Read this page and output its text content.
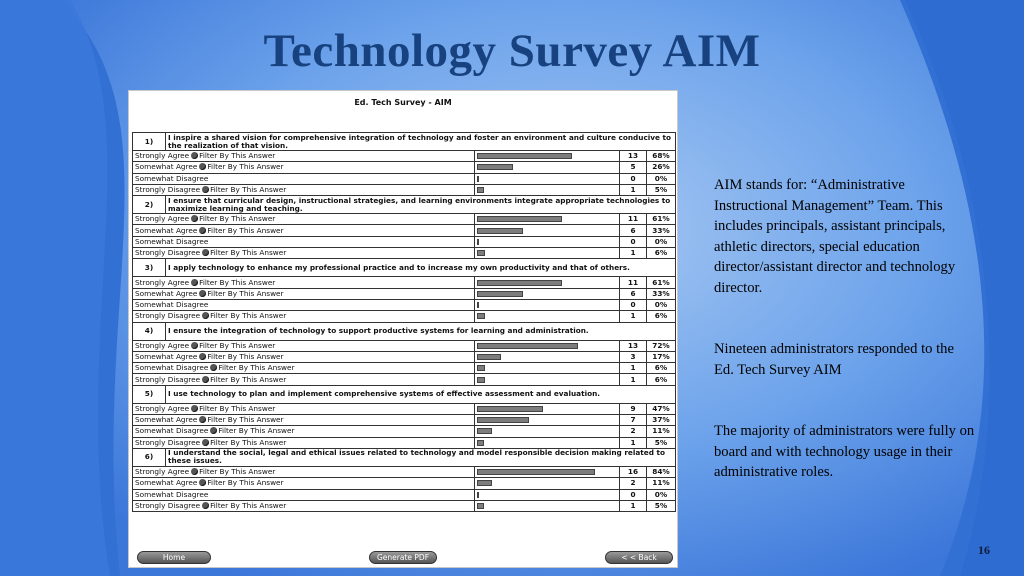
Technology Survey AIM
Ed. Tech Survey - AIM
1)	I inspire a shared vision for comprehensive integration of technology and foster an environment and culture conducive to the realization of that vision.			
Strongly Agree Filter By This Answer			13	68%
Somewhat Agree Filter By This Answer			5	26%
Somewhat Disagree			0	0%
Strongly Disagree Filter By This Answer			1	5%
2)	I ensure that curricular design, instructional strategies, and learning environments integrate appropriate technologies to maximize learning and teaching.			
Strongly Agree Filter By This Answer			11	61%
Somewhat Agree Filter By This Answer			6	33%
Somewhat Disagree			0	0%
Strongly Disagree Filter By This Answer			1	6%
3)	I apply technology to enhance my professional practice and to increase my own productivity and that of others.			
Strongly Agree Filter By This Answer			11	61%
Somewhat Agree Filter By This Answer			6	33%
Somewhat Disagree			0	0%
Strongly Disagree Filter By This Answer			1	6%
4)	I ensure the integration of technology to support productive systems for learning and administration.			
Strongly Agree Filter By This Answer			13	72%
Somewhat Agree Filter By This Answer			3	17%
Somewhat Disagree Filter By This Answer			1	6%
Strongly Disagree Filter By This Answer			1	6%
5)	I use technology to plan and implement comprehensive systems of effective assessment and evaluation.			
Strongly Agree Filter By This Answer			9	47%
Somewhat Agree Filter By This Answer			7	37%
Somewhat Disagree Filter By This Answer			2	11%
Strongly Disagree Filter By This Answer			1	5%
6)	I understand the social, legal and ethical issues related to technology and model responsible decision making related to these issues.			
Strongly Agree Filter By This Answer			16	84%
Somewhat Agree Filter By This Answer			2	11%
Somewhat Disagree			0	0%
Strongly Disagree Filter By This Answer			1	5%
Home	Generate PDF	< < Back
AIM stands for: “Administrative Instructional Management” Team. This includes principals, assistant principals, athletic directors, special education director/assistant director and technology director.
Nineteen administrators responded to the Ed. Tech Survey AIM
The majority of administrators were fully on board and with technology usage in their administrative roles.
16
